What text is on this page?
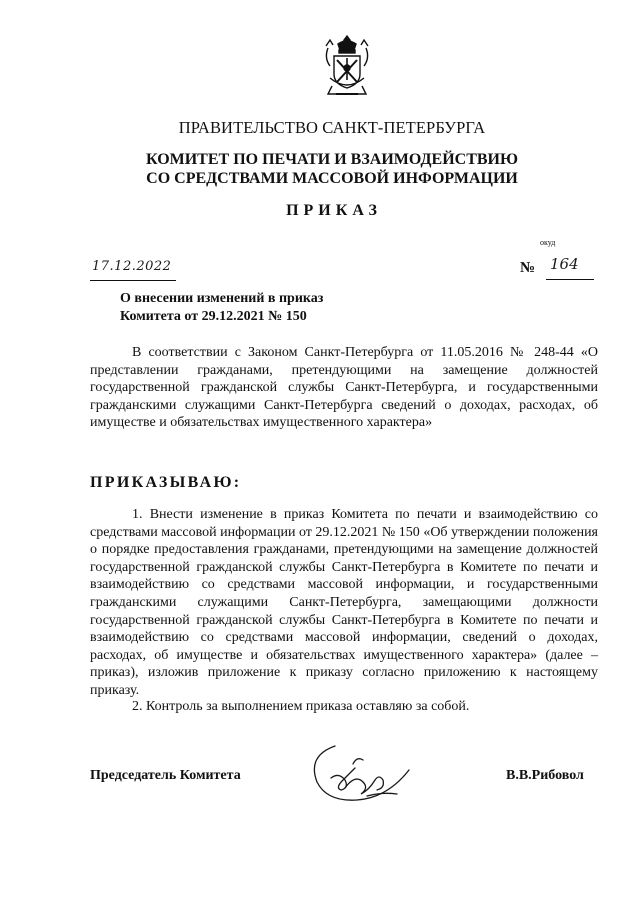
ПРАВИТЕЛЬСТВО САНКТ-ПЕТЕРБУРГА
КОМИТЕТ ПО ПЕЧАТИ И ВЗАИМОДЕЙСТВИЮ
СО СРЕДСТВАМИ МАССОВОЙ ИНФОРМАЦИИ
ПРИКАЗ
окуд
17.12.2022	№ 164
О внесении изменений в приказ
Комитета от 29.12.2021 № 150
В соответствии с Законом Санкт-Петербурга от 11.05.2016 № 248-44 «О представлении гражданами, претендующими на замещение должностей государственной гражданской службы Санкт-Петербурга, и государственными гражданскими служащими Санкт-Петербурга сведений о доходах, расходах, об имуществе и обязательствах имущественного характера»
ПРИКАЗЫВАЮ:
1. Внести изменение в приказ Комитета по печати и взаимодействию со средствами массовой информации от 29.12.2021 № 150 «Об утверждении положения о порядке предоставления гражданами, претендующими на замещение должностей государственной гражданской службы Санкт-Петербурга в Комитете по печати и взаимодействию со средствами массовой информации, и государственными гражданскими служащими Санкт-Петербурга, замещающими должности государственной гражданской службы Санкт-Петербурга в Комитете по печати и взаимодействию со средствами массовой информации, сведений о доходах, расходах, об имуществе и обязательствах имущественного характера» (далее – приказ), изложив приложение к приказу согласно приложению к настоящему приказу.
2. Контроль за выполнением приказа оставляю за собой.
Председатель Комитета	В.В.Рибовол
